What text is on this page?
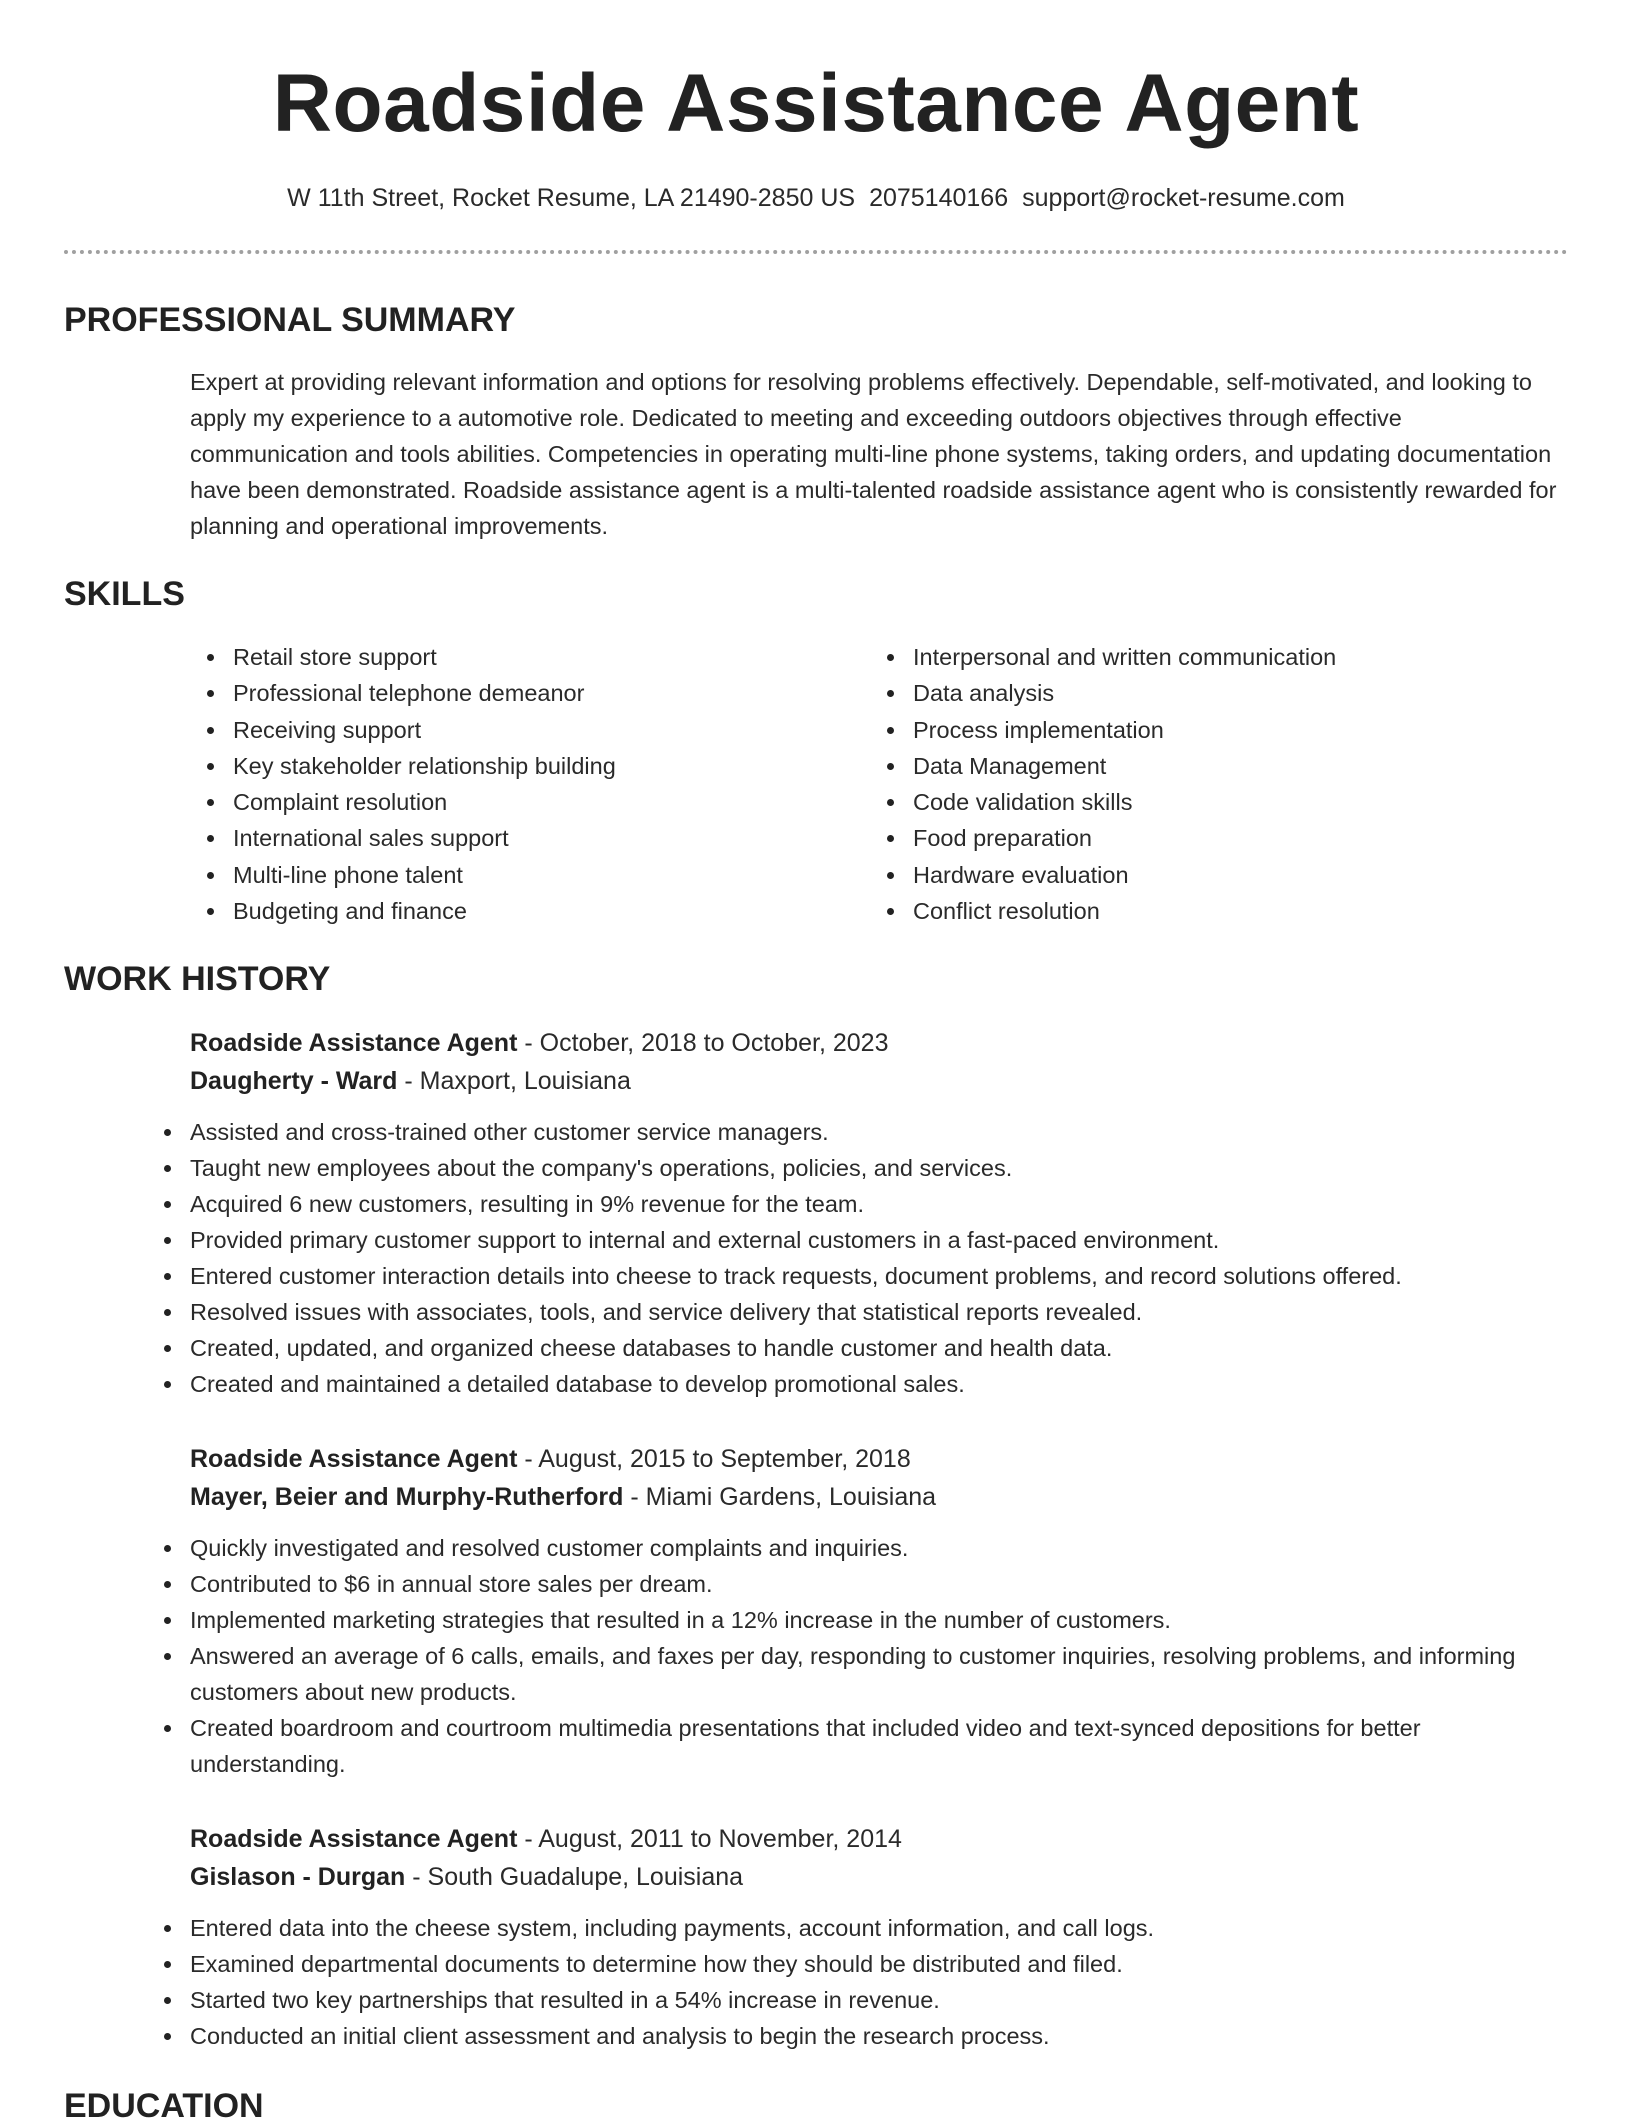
Roadside Assistance Agent
W 11th Street, Rocket Resume, LA 21490-2850 US 2075140166 support@rocket-resume.com
PROFESSIONAL SUMMARY

Expert at providing relevant information and options for resolving problems effectively. Dependable, self-motivated, and looking to apply my experience to a automotive role. Dedicated to meeting and exceeding outdoors objectives through effective communication and tools abilities. Competencies in operating multi-line phone systems, taking orders, and updating documentation have been demonstrated. Roadside assistance agent is a multi-talented roadside assistance agent who is consistently rewarded for planning and operational improvements.

SKILLS
Retail store support
Professional telephone demeanor
Receiving support
Key stakeholder relationship building
Complaint resolution
International sales support
Multi-line phone talent
Budgeting and finance
Interpersonal and written communication
Data analysis
Process implementation
Data Management
Code validation skills
Food preparation
Hardware evaluation
Conflict resolution
WORK HISTORY
Roadside Assistance Agent - October, 2018 to October, 2023
Daugherty - Ward - Maxport, Louisiana
Assisted and cross-trained other customer service managers.
Taught new employees about the company's operations, policies, and services.
Acquired 6 new customers, resulting in 9% revenue for the team.
Provided primary customer support to internal and external customers in a fast-paced environment.
Entered customer interaction details into cheese to track requests, document problems, and record solutions offered.
Resolved issues with associates, tools, and service delivery that statistical reports revealed.
Created, updated, and organized cheese databases to handle customer and health data.
Created and maintained a detailed database to develop promotional sales.
Roadside Assistance Agent - August, 2015 to September, 2018
Mayer, Beier and Murphy-Rutherford - Miami Gardens, Louisiana
Quickly investigated and resolved customer complaints and inquiries.
Contributed to $6 in annual store sales per dream.
Implemented marketing strategies that resulted in a 12% increase in the number of customers.
Answered an average of 6 calls, emails, and faxes per day, responding to customer inquiries, resolving problems, and informing customers about new products.
Created boardroom and courtroom multimedia presentations that included video and text-synced depositions for better understanding.
Roadside Assistance Agent - August, 2011 to November, 2014
Gislason - Durgan - South Guadalupe, Louisiana
Entered data into the cheese system, including payments, account information, and call logs.
Examined departmental documents to determine how they should be distributed and filed.
Started two key partnerships that resulted in a 54% increase in revenue.
Conducted an initial client assessment and analysis to begin the research process.
EDUCATION
